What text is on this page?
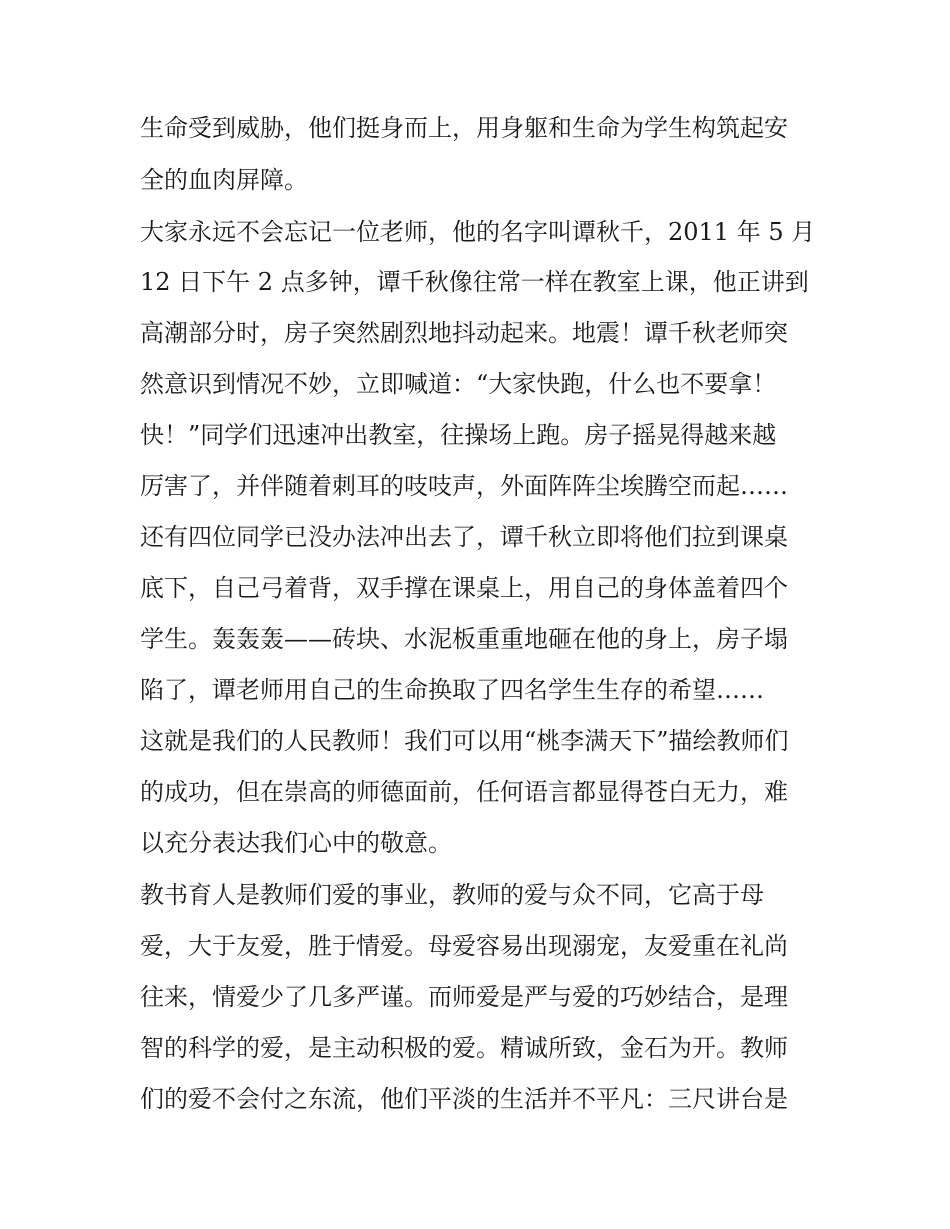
生命受到威胁，他们挺身而上，用身躯和生命为学生构筑起安
全的血肉屏障。
大家永远不会忘记一位老师，他的名字叫谭秋千，2011 年 5 月
12 日下午 2 点多钟，谭千秋像往常一样在教室上课，他正讲到
高潮部分时，房子突然剧烈地抖动起来。地震！谭千秋老师突
然意识到情况不妙，立即喊道：“大家快跑，什么也不要拿！
快！”同学们迅速冲出教室，往操场上跑。房子摇晃得越来越
厉害了，并伴随着刺耳的吱吱声，外面阵阵尘埃腾空而起……
还有四位同学已没办法冲出去了，谭千秋立即将他们拉到课桌
底下，自己弓着背，双手撑在课桌上，用自己的身体盖着四个
学生。轰轰轰——砖块、水泥板重重地砸在他的身上，房子塌
陷了，谭老师用自己的生命换取了四名学生生存的希望……
这就是我们的人民教师！我们可以用“桃李满天下”描绘教师们
的成功，但在崇高的师德面前，任何语言都显得苍白无力，难
以充分表达我们心中的敬意。
教书育人是教师们爱的事业，教师的爱与众不同，它高于母
爱，大于友爱，胜于情爱。母爱容易出现溺宠，友爱重在礼尚
往来，情爱少了几多严谨。而师爱是严与爱的巧妙结合，是理
智的科学的爱，是主动积极的爱。精诚所致，金石为开。教师
们的爱不会付之东流，他们平淡的生活并不平凡：三尺讲台是
